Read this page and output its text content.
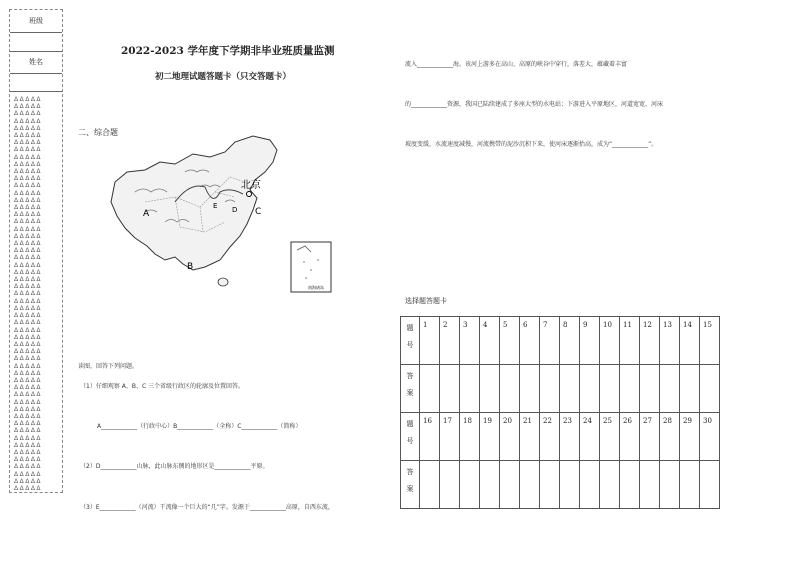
班级
姓名
ΔΔΔΔΔ
ΔΔΔΔΔ
ΔΔΔΔΔ
ΔΔΔΔΔ
ΔΔΔΔΔ
ΔΔΔΔΔ
ΔΔΔΔΔ
ΔΔΔΔΔ
ΔΔΔΔΔ
ΔΔΔΔΔ
ΔΔΔΔΔ
ΔΔΔΔΔ
ΔΔΔΔΔ
ΔΔΔΔΔ
ΔΔΔΔΔ
ΔΔΔΔΔ
ΔΔΔΔΔ
ΔΔΔΔΔ
ΔΔΔΔΔ
ΔΔΔΔΔ
ΔΔΔΔΔ
ΔΔΔΔΔ
ΔΔΔΔΔ
ΔΔΔΔΔ
ΔΔΔΔΔ
ΔΔΔΔΔ
ΔΔΔΔΔ
ΔΔΔΔΔ
ΔΔΔΔΔ
ΔΔΔΔΔ
ΔΔΔΔΔ
ΔΔΔΔΔ
ΔΔΔΔΔ
ΔΔΔΔΔ
ΔΔΔΔΔ
ΔΔΔΔΔ
ΔΔΔΔΔ
ΔΔΔΔΔ
ΔΔΔΔΔ
ΔΔΔΔΔ
ΔΔΔΔΔ
ΔΔΔΔΔ
ΔΔΔΔΔ
ΔΔΔΔΔ
ΔΔΔΔΔ
ΔΔΔΔΔ
ΔΔΔΔΔ
ΔΔΔΔΔ
ΔΔΔΔΔ
ΔΔΔΔΔ
ΔΔΔΔΔ
ΔΔΔΔΔ
ΔΔΔΔΔ
ΔΔΔΔΔ
ΔΔΔΔΔ
2022-2023 学年度下学期非毕业班质量监测
初二地理试题答题卡（只交答题卡）
二、综合题
北京
A
B
C
D
E
南海诸岛
读图，回答下列问题。
（1）仔细观察 A、B、C 三个省级行政区的轮廓及位置回答。
A____________（行政中心）B____________（全称）C____________（简称）
（2）D____________山脉，此山脉东侧的地形区是____________平原。
（3）E____________（河流）干流像一个巨大的“几”字。发源于____________高原，自西东流，
流入____________海。该河上游多在高山、高原的峡谷中穿行，落差大，蕴藏着丰富
的____________资源，我国已陆续建成了多座大型的水电站；下游进入平原地区，河道宽宽，河床
坡度变缓，水流速度减慢，河流携带的泥沙沉积下来，使河床逐渐抬高，成为“____________”。
选择题答题卡
题
号	1	2	3	4	5	6	7	8	9	10	11	12	13	14	15

答
案															

题
号	16	17	18	19	20	21	22	23	24	25	26	27	28	29	30

答
案															
